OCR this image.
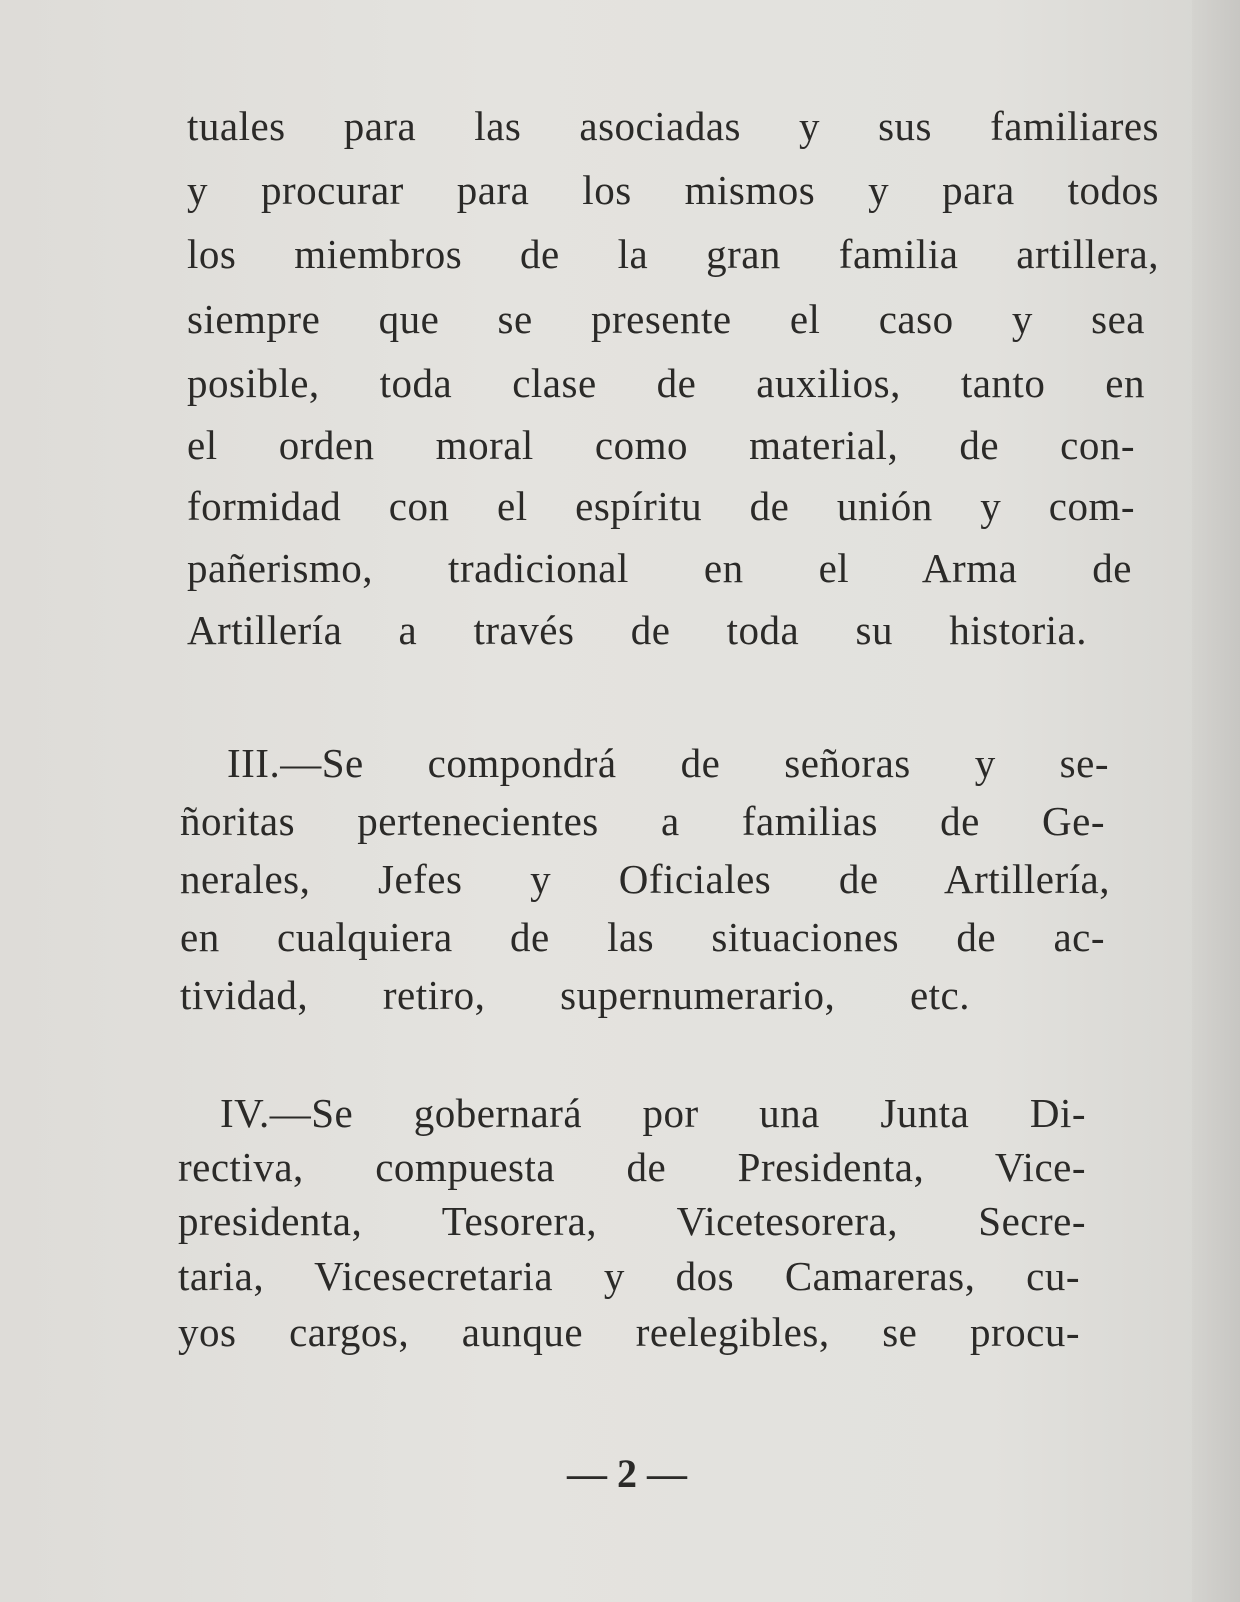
tuales para las asociadas y sus familiares

y procurar para los mismos y para todos

los miembros de la gran familia artillera,

siempre que se presente el caso y sea

posible, toda clase de auxilios, tanto en

el orden moral como material, de con-

formidad con el espíritu de unión y com-

pañerismo, tradicional en el Arma de

Artillería a través de toda su historia.

III.—Se compondrá de señoras y se-

ñoritas pertenecientes a familias de Ge-

nerales, Jefes y Oficiales de Artillería,

en cualquiera de las situaciones de ac-

tividad, retiro, supernumerario, etc.

IV.—Se gobernará por una Junta Di-

rectiva, compuesta de Presidenta, Vice-

presidenta, Tesorera, Vicetesorera, Secre-

taria, Vicesecretaria y dos Camareras, cu-

yos cargos, aunque reelegibles, se procu-

— 2 —
